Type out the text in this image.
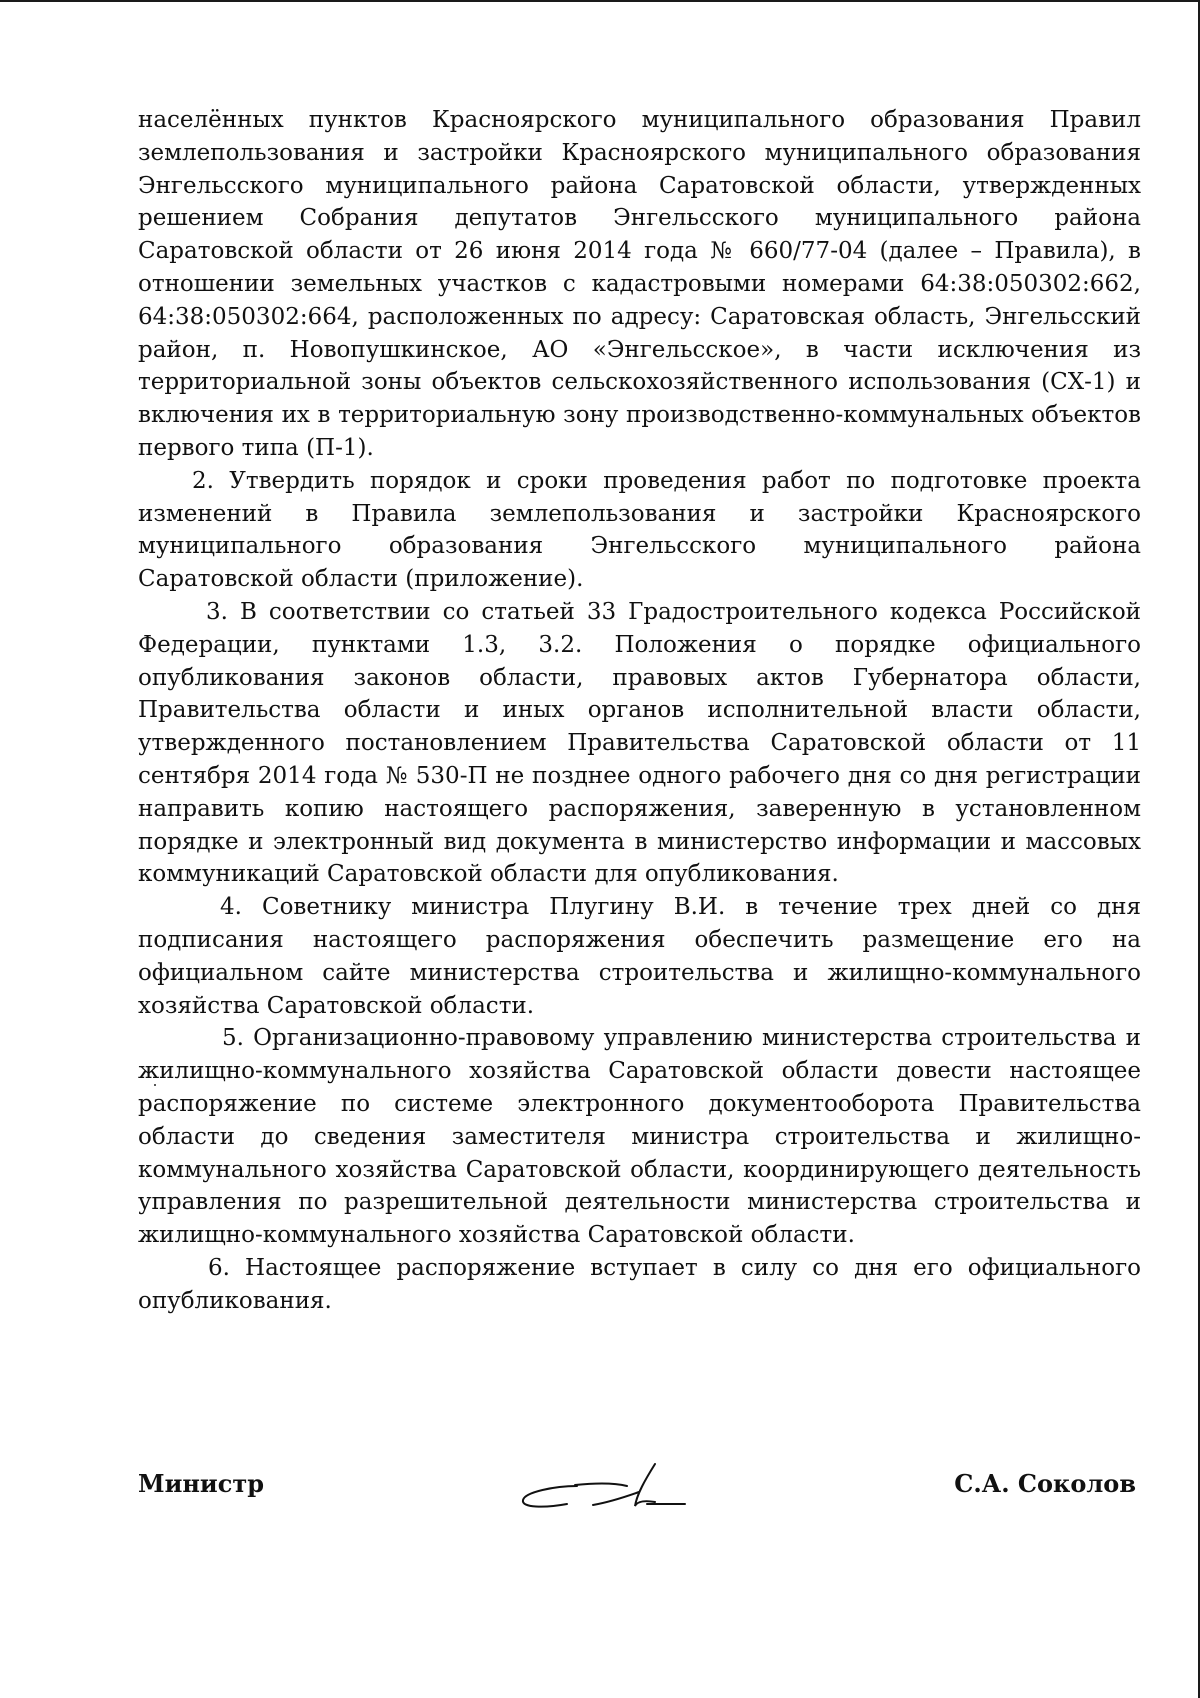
населённых пунктов Красноярского муниципального образования Правил землепользования и застройки Красноярского муниципального образования Энгельсского муниципального района Саратовской области, утвержденных решением Собрания депутатов Энгельсского муниципального района Саратовской области от 26 июня 2014 года № 660/77-04 (далее – Правила), в отношении земельных участков с кадастровыми номерами 64:38:050302:662, 64:38:050302:664, расположенных по адресу: Саратовская область, Энгельсский район, п. Новопушкинское, АО «Энгельсское», в части исключения из территориальной зоны объектов сельскохозяйственного использования (СХ-1) и включения их в территориальную зону производственно-коммунальных объектов первого типа (П-1).

2. Утвердить порядок и сроки проведения работ по подготовке проекта изменений в Правила землепользования и застройки Красноярского муниципального образования Энгельсского муниципального района Саратовской области (приложение).

3. В соответствии со статьей 33 Градостроительного кодекса Российской Федерации, пунктами 1.3, 3.2. Положения о порядке официального опубликования законов области, правовых актов Губернатора области, Правительства области и иных органов исполнительной власти области, утвержденного постановлением Правительства Саратовской области от 11 сентября 2014 года № 530-П не позднее одного рабочего дня со дня регистрации направить копию настоящего распоряжения, заверенную в установленном порядке и электронный вид документа в министерство информации и массовых коммуникаций Саратовской области для опубликования.

4. Советнику министра Плугину В.И. в течение трех дней со дня подписания настоящего распоряжения обеспечить размещение его на официальном сайте министерства строительства и жилищно-коммунального хозяйства Саратовской области.

5. Организационно-правовому управлению министерства строительства и жилищно-коммунального хозяйства Саратовской области довести настоящее распоряжение по системе электронного документооборота Правительства области до сведения заместителя министра строительства и жилищно-коммунального хозяйства Саратовской области, координирующего деятельность управления по разрешительной деятельности министерства строительства и жилищно-коммунального хозяйства Саратовской области.

6. Настоящее распоряжение вступает в силу со дня его официального опубликования.

Министр	С.А. Соколов
